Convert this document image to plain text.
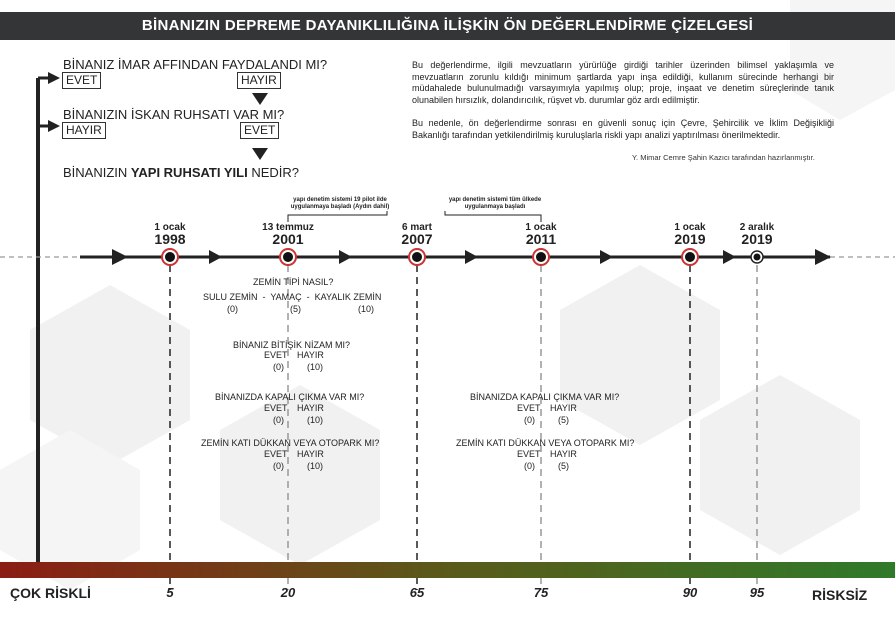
BİNANIZIN DEPREME DAYANIKLILIĞINA İLİŞKİN ÖN DEĞERLENDİRME ÇİZELGESİ
BİNANIZ İMAR AFFINDAN FAYDALANDI MI?
EVET	HAYIR
BİNANIZIN İSKAN RUHSATI VAR MI?
HAYIR	EVET
BİNANIZIN YAPI RUHSATI YILI NEDİR?
Bu değerlendirme, ilgili mevzuatların yürürlüğe girdiği tarihler üzerinden bilimsel yaklaşımla ve mevzuatların zorunlu kıldığı minimum şartlarda yapı inşa edildiği, kullanım sürecinde herhangi bir müdahalede bulunulmadığı varsayımıyla yapılmış olup; proje, inşaat ve denetim süreçlerinde tanık olunabilen hırsızlık, dolandırıcılık, rüşvet vb. durumlar göz ardı edilmiştir.
Bu nedenle, ön değerlendirme sonrası en güvenli sonuç için Çevre, Şehircilik ve İklim Değişikliği Bakanlığı tarafından yetkilendirilmiş kuruluşlarla riskli yapı analizi yaptırılması önerilmektedir.
Y. Mimar Cemre Şahin Kazıcı tarafından hazırlanmıştır.
1 ocak
1998
13 temmuz
2001
6 mart
2007
1 ocak
2011
1 ocak
2019
2 aralık
2019
yapı denetim sistemi 19 pilot ilde uygulanmaya başladı (Aydın dahil)
yapı denetim sistemi tüm ülkede uygulanmaya başladı
ZEMİN TİPİ NASIL?
SULU ZEMİN  -  YAMAÇ  -  KAYALIK ZEMİN
(0)	(5)	(10)
BİNANIZ BİTİŞİK NİZAM MI?
EVET HAYIR
(0)	(10)
BİNANIZDA KAPALI ÇIKMA VAR MI?
EVET HAYIR
(0)	(10)
ZEMİN KATI DÜKKAN VEYA OTOPARK MI?
EVET HAYIR
(0)	(10)
BİNANIZDA KAPALI ÇIKMA VAR MI?
EVET HAYIR
(0)	(5)
ZEMİN KATI DÜKKAN VEYA OTOPARK MI?
EVET HAYIR
(0)	(5)
ÇOK RİSKLİ	RİSKSİZ
5	20	65	75	90	95
